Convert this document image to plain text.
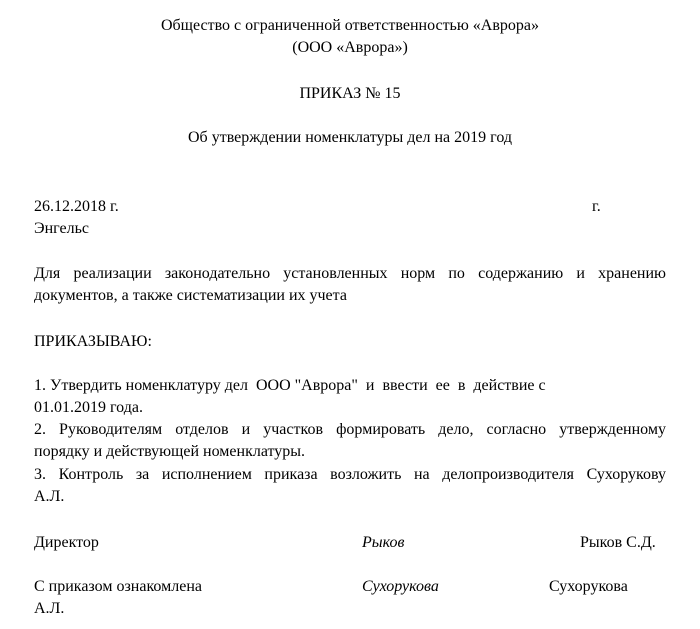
Общество с ограниченной ответственностью «Аврора»
(ООО «Аврора»)
ПРИКАЗ № 15
Об утверждении номенклатуры дел на 2019 год
26.12.2018 г.	г.
Энгельс
Для реализации законодательно установленных норм по содержанию и хранению
документов, а также систематизации их учета
ПРИКАЗЫВАЮ:
1. Утвердить номенклатуру дел  ООО "Аврора"  и  ввести  ее  в  действие с
01.01.2019 года.
2. Руководителям отделов и участков формировать дело, согласно утвержденному
порядку и действующей номенклатуры.
3. Контроль за исполнением приказа возложить на делопроизводителя Сухорукову
А.Л.
Директор	Рыков	Рыков С.Д.
С приказом ознакомлена	Сухорукова	Сухорукова
А.Л.
